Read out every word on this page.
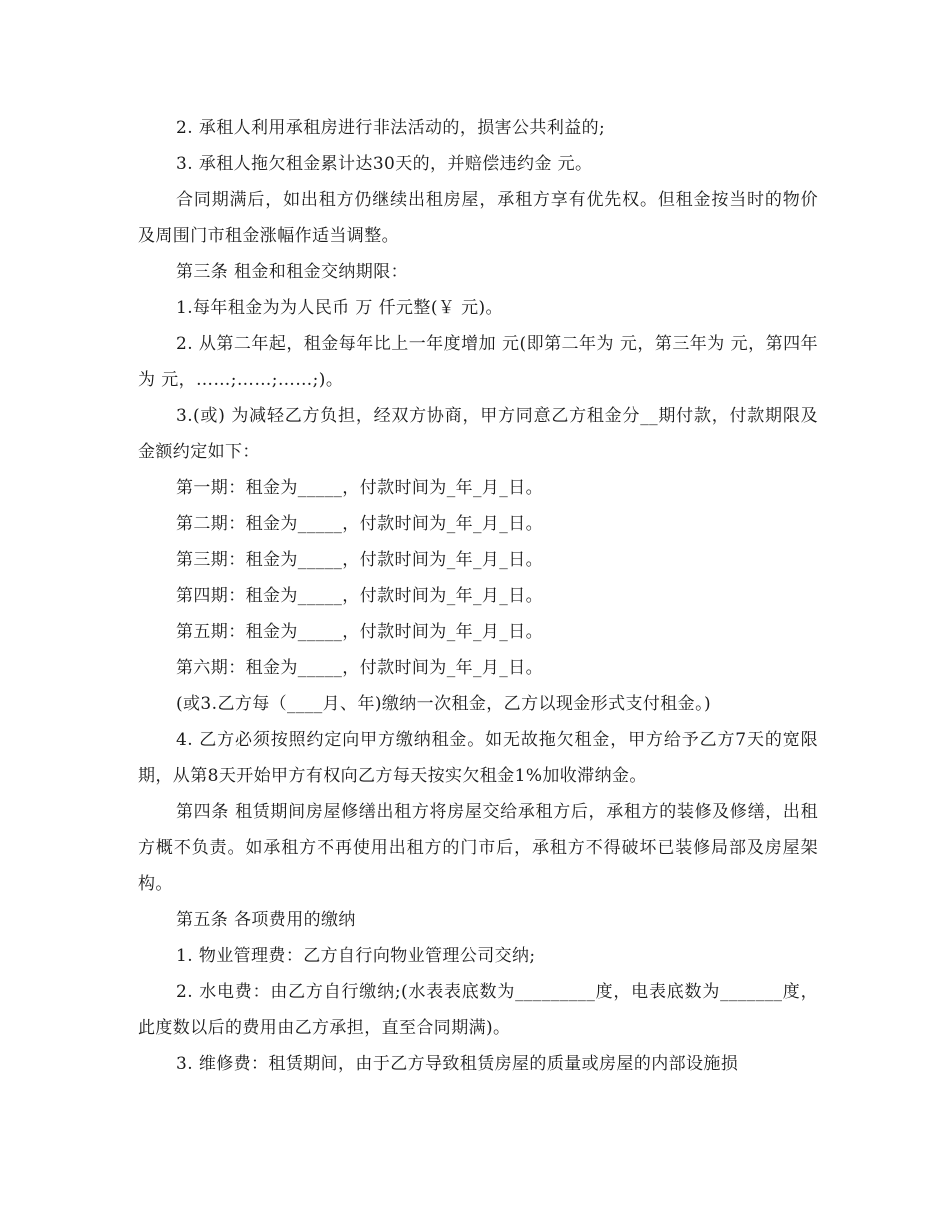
2. 承租人利用承租房进行非法活动的，损害公共利益的;

3. 承租人拖欠租金累计达30天的，并赔偿违约金 元。

合同期满后，如出租方仍继续出租房屋，承租方享有优先权。但租金按当时的物价及周围门市租金涨幅作适当调整。

第三条 租金和租金交纳期限：

1.每年租金为为人民币 万 仟元整(￥ 元)。

2. 从第二年起，租金每年比上一年度增加 元(即第二年为 元，第三年为 元，第四年为 元，……;……;……;)。

3.(或) 为减轻乙方负担，经双方协商，甲方同意乙方租金分__期付款，付款期限及金额约定如下：

第一期：租金为_____，付款时间为_年_月_日。

第二期：租金为_____，付款时间为_年_月_日。

第三期：租金为_____，付款时间为_年_月_日。

第四期：租金为_____，付款时间为_年_月_日。

第五期：租金为_____，付款时间为_年_月_日。

第六期：租金为_____，付款时间为_年_月_日。

(或3.乙方每（____月、年)缴纳一次租金，乙方以现金形式支付租金。)

4. 乙方必须按照约定向甲方缴纳租金。如无故拖欠租金，甲方给予乙方7天的宽限期，从第8天开始甲方有权向乙方每天按实欠租金1%加收滞纳金。

第四条 租赁期间房屋修缮出租方将房屋交给承租方后，承租方的装修及修缮，出租方概不负责。如承租方不再使用出租方的门市后，承租方不得破坏已装修局部及房屋架构。

第五条 各项费用的缴纳

1. 物业管理费：乙方自行向物业管理公司交纳;

2. 水电费：由乙方自行缴纳;(水表表底数为_________度，电表底数为_______度，此度数以后的费用由乙方承担，直至合同期满)。

3. 维修费：租赁期间，由于乙方导致租赁房屋的质量或房屋的内部设施损
